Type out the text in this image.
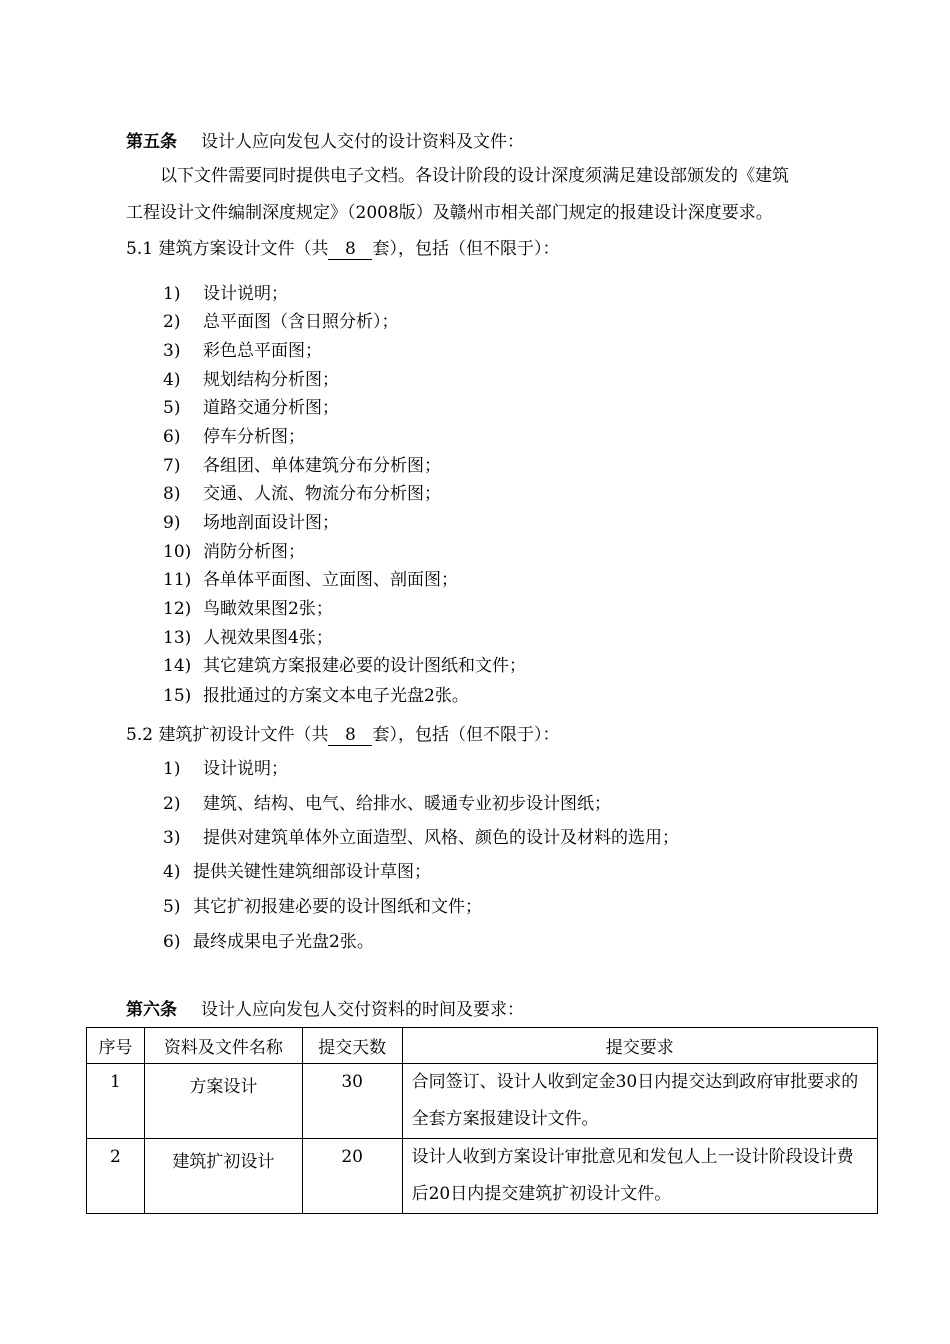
第五条 设计人应向发包人交付的设计资料及文件：
以下文件需要同时提供电子文档。各设计阶段的设计深度须满足建设部颁发的《建筑
工程设计文件编制深度规定》（2008版）及赣州市相关部门规定的报建设计深度要求。
5.1 建筑方案设计文件（共 8 套），包括（但不限于）：
1) 设计说明；
2) 总平面图（含日照分析）；
3) 彩色总平面图；
4) 规划结构分析图；
5) 道路交通分析图；
6) 停车分析图；
7) 各组团、单体建筑分布分析图；
8) 交通、人流、物流分布分析图；
9) 场地剖面设计图；
10) 消防分析图；
11) 各单体平面图、立面图、剖面图；
12) 鸟瞰效果图2张；
13) 人视效果图4张；
14) 其它建筑方案报建必要的设计图纸和文件；
15) 报批通过的方案文本电子光盘2张。
5.2 建筑扩初设计文件（共 8 套），包括（但不限于）：
1) 设计说明；
2) 建筑、结构、电气、给排水、暖通专业初步设计图纸；
3) 提供对建筑单体外立面造型、风格、颜色的设计及材料的选用；
4) 提供关键性建筑细部设计草图；
5) 其它扩初报建必要的设计图纸和文件；
6) 最终成果电子光盘2张。
第六条 设计人应向发包人交付资料的时间及要求：
序号	资料及文件名称	提交天数	提交要求
1	方案设计	30	合同签订、设计人收到定金30日内提交达到政府审批要求的全套方案报建设计文件。
2	建筑扩初设计	20	设计人收到方案设计审批意见和发包人上一设计阶段设计费后20日内提交建筑扩初设计文件。
